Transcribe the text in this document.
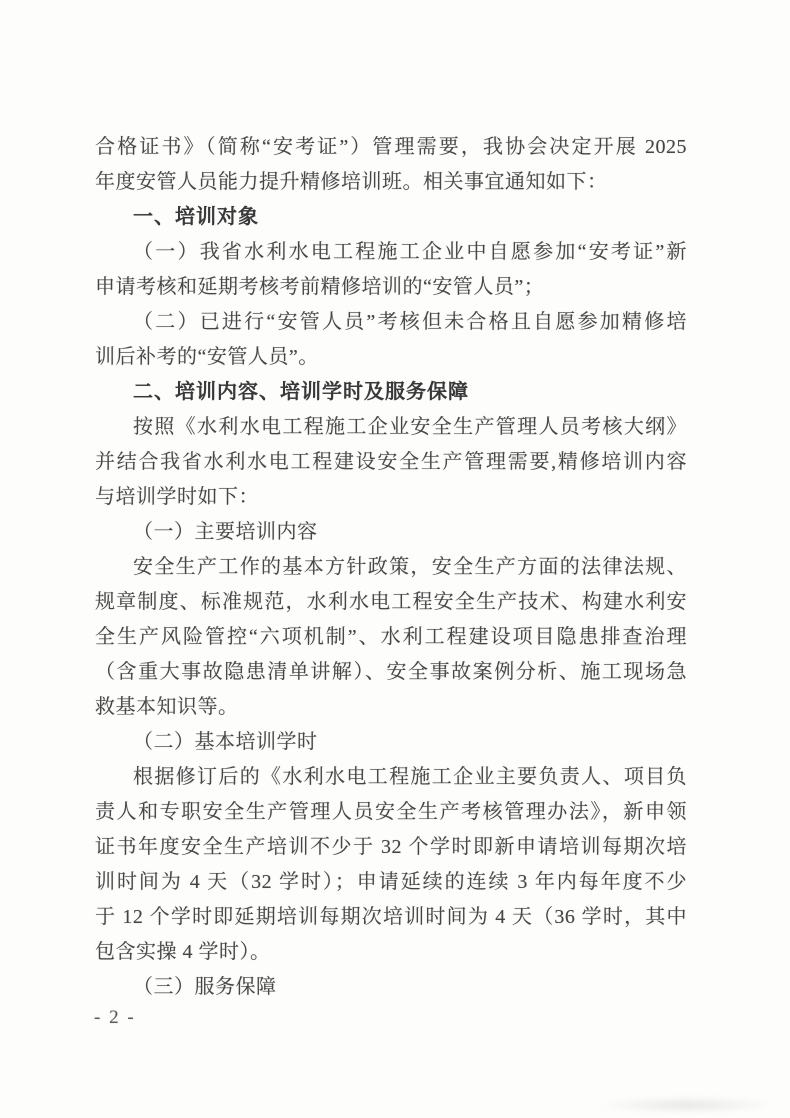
合格证书》（简称“安考证”）管理需要，我协会决定开展 2025
年度安管人员能力提升精修培训班。相关事宜通知如下：
一、培训对象
（一）我省水利水电工程施工企业中自愿参加“安考证”新
申请考核和延期考核考前精修培训的“安管人员”；
（二）已进行“安管人员”考核但未合格且自愿参加精修培
训后补考的“安管人员”。
二、培训内容、培训学时及服务保障
按照《水利水电工程施工企业安全生产管理人员考核大纲》
并结合我省水利水电工程建设安全生产管理需要,精修培训内容
与培训学时如下：
（一）主要培训内容
安全生产工作的基本方针政策，安全生产方面的法律法规、
规章制度、标准规范，水利水电工程安全生产技术、构建水利安
全生产风险管控“六项机制”、水利工程建设项目隐患排查治理
（含重大事故隐患清单讲解）、安全事故案例分析、施工现场急
救基本知识等。
（二）基本培训学时
根据修订后的《水利水电工程施工企业主要负责人、项目负
责人和专职安全生产管理人员安全生产考核管理办法》，新申领
证书年度安全生产培训不少于 32 个学时即新申请培训每期次培
训时间为 4 天（32 学时）；申请延续的连续 3 年内每年度不少
于 12 个学时即延期培训每期次培训时间为 4 天（36 学时，其中
包含实操 4 学时）。
（三）服务保障
- 2 -
